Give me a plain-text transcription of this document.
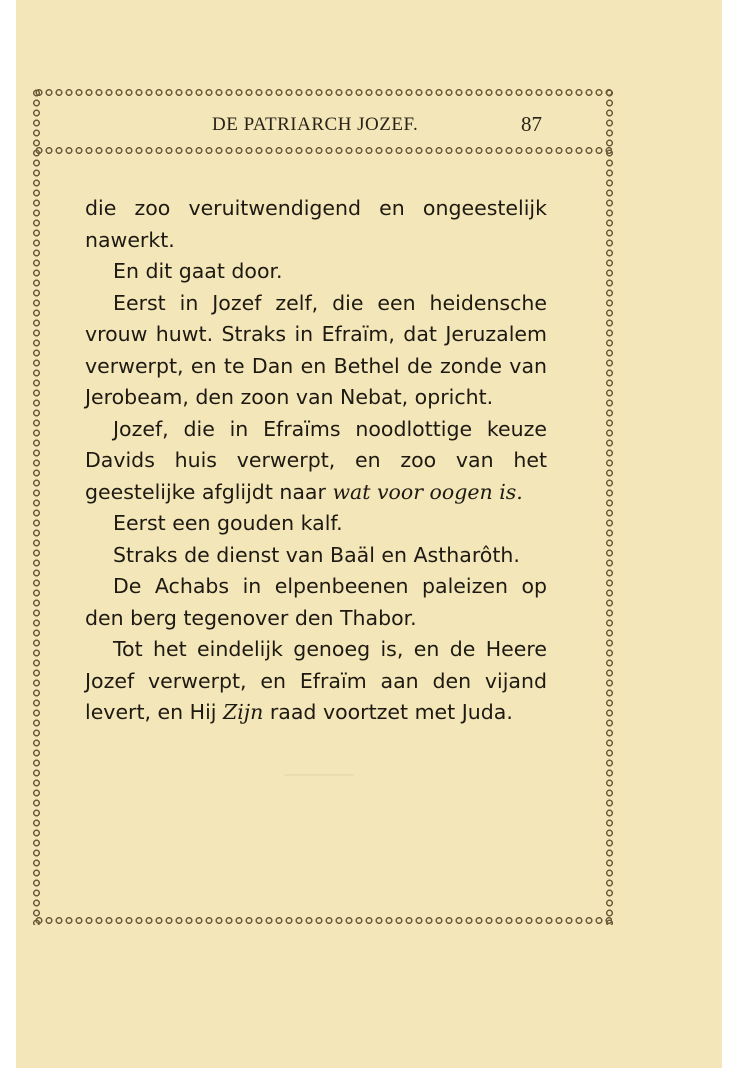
DE PATRIARCH JOZEF.	87

die zoo veruitwendigend en ongeestelijk

nawerkt.

En dit gaat door.

Eerst in Jozef zelf, die een heidensche vrouw huwt. Straks in Efraïm, dat Jeruzalem verwerpt, en te Dan en Bethel de zonde van Jerobeam, den zoon van Nebat, opricht.

Jozef, die in Efraïms noodlottige keuze Davids huis verwerpt, en zoo van het geestelijke afglijdt naar wat voor oogen is.

Eerst een gouden kalf.

Straks de dienst van Baäl en Astharôth.

De Achabs in elpenbeenen paleizen op den berg tegenover den Thabor.

Tot het eindelijk genoeg is, en de Heere Jozef verwerpt, en Efraïm aan den vijand levert, en Hij Zijn raad voortzet met Juda.
